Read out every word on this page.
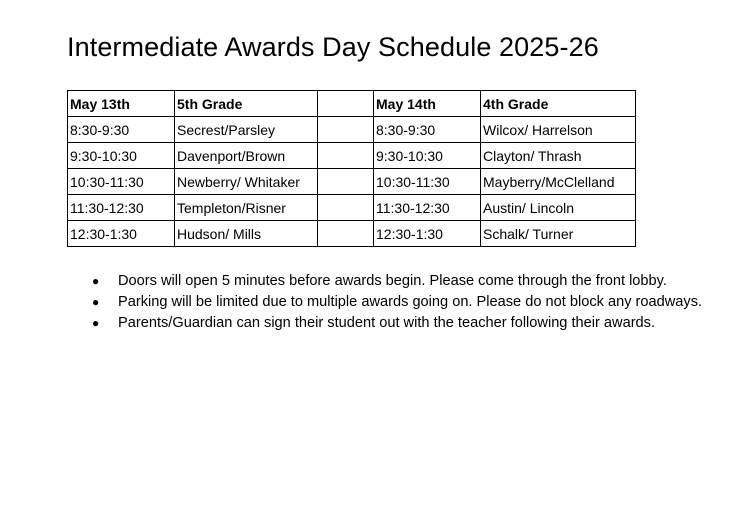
Intermediate Awards Day Schedule 2025-26
May 13th	5th Grade		May 14th	4th Grade
8:30-9:30	Secrest/Parsley		8:30-9:30	Wilcox/ Harrelson
9:30-10:30	Davenport/Brown		9:30-10:30	Clayton/ Thrash
10:30-11:30	Newberry/ Whitaker		10:30-11:30	Mayberry/McClelland
11:30-12:30	Templeton/Risner		11:30-12:30	Austin/ Lincoln
12:30-1:30	Hudson/ Mills		12:30-1:30	Schalk/ Turner
● Doors will open 5 minutes before awards begin. Please come through the front lobby.
● Parking will be limited due to multiple awards going on. Please do not block any roadways.
● Parents/Guardian can sign their student out with the teacher following their awards.
